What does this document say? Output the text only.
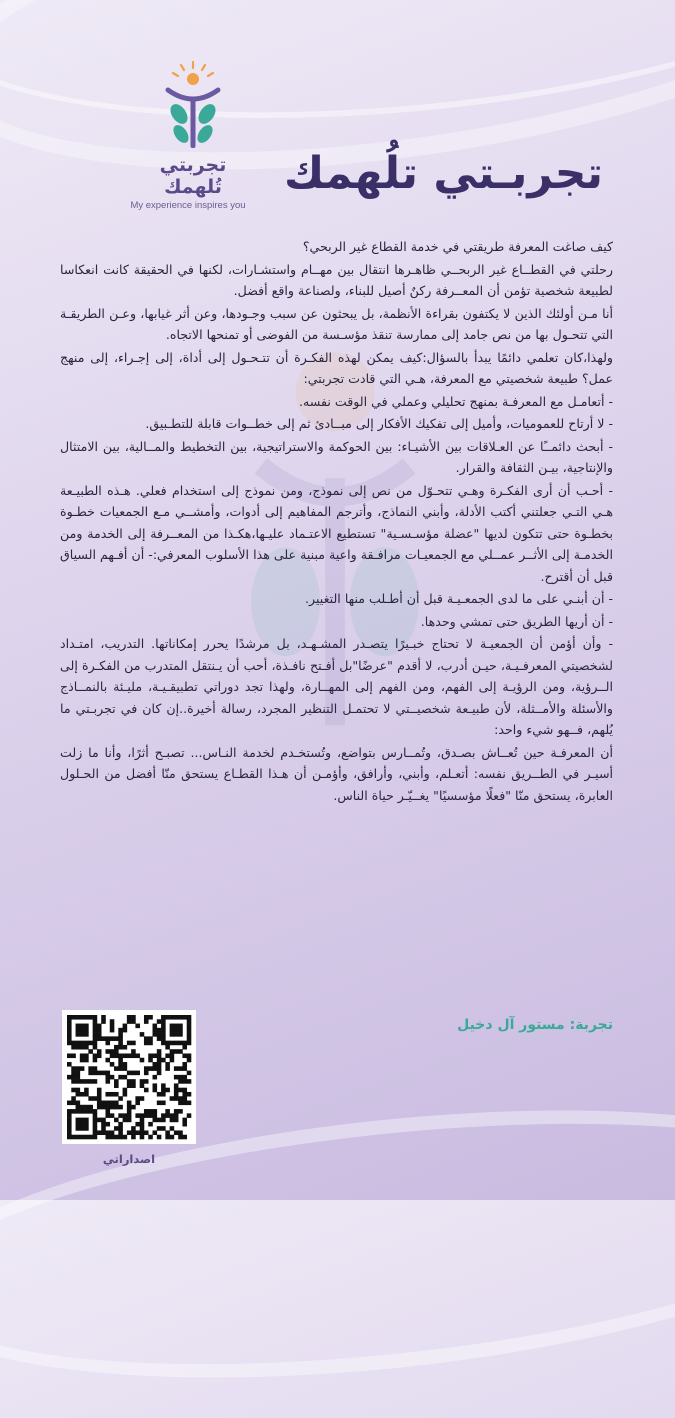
تجربتي تُلهمك
My experience inspires you
تجربـتي تلُهمك

كيف صاغت المعرفة طريقتي في خدمة القطاع غير الربحي؟

رحلتي في القطــاع غير الربحــي ظاهـرها انتقال بين مهــام واستشـارات، لكنها في الحقيقة كانت انعكاسا لطبيعة شخصية تؤمن أن المعــرفة ركنٌ أصيل للبناء، ولصناعة واقع أفضل.

أنا مـن أولئك الذين لا يكتفون بقراءة الأنظمة، بل يبحثون عن سبب وجـودها، وعن أثر غيابها، وعـن الطريقـة التي تتحـول بها من نص جامد إلى ممارسة تنقذ مؤسـسة من الفوضى أو تمنحها الاتجاه.

ولهذا،كان تعلمي دائمًا يبدأ بالسؤال:كيف يمكن لهذه الفكـرة أن تتـحـول إلى أداة، إلى إجـراء، إلى منهج عمل؟ طبيعة شخصيتي مع المعرفة، هـي التي قادت تجربتي:

- أتعامـل مع المعرفـة بمنهج تحليلي وعملي في الوقت نفسه.

- لا أرتاح للعموميات، وأميل إلى تفكيك الأفكار إلى مبــادئ ثم إلى خطــوات قابلة للتطـبيق.

- أبحث دائمــًا عن العـلاقات بين الأشيـاء: بين الحوكمة والاستراتيجية، بين التخطيط والمــالية، بين الامتثال والإنتاجية، بيـن الثقافة والقرار.

- أحـب أن أرى الفكـرة وهـي تتحـوّل من نص إلى نموذج، ومن نموذج إلى استخدام فعلي. هـذه الطبيـعة هـي التـي جعلتني أكتب الأدلة، وأبني النماذج، وأترجم المفاهيم إلى أدوات، وأمشــي مـع الجمعيات خطـوة بخطـوة حتى تتكون لديها "عضلة مؤسـسـية" تستطيع الاعتـماد عليـها،هكـذا من المعــرفة إلى الخدمة ومن الخدمـة إلى الأثــر عمــلي مع الجمعيـات مرافـقة واعية مبنية على هذا الأسلوب المعرفي:- أن أفـهم السياق قبل أن أقترح.

- أن أبنـي على ما لدى الجمعـيـة قبل أن أطـلب منها التغيير.

- أن أريها الطريق حتى تمشي وحدها.

- وأن أؤمن أن الجمعيـة لا تحتاج خبـيرًا يتصـدر المشـهـد، بل مرشدًا يحرر إمكاناتها. التدريب، امتـداد لشخصيتي المعرفـيـة، حيـن أدرب، لا أقدم "عرضًا"بل أفـتح نافـذة، أحب أن يـنتقل المتدرب من الفكـرة إلى الــرؤية، ومن الرؤيـة إلى الفهم، ومن الفهم إلى المهــارة، ولهذا تجد دوراتي تطبيقـيـة، مليـئة بالنمــاذج والأسئلة والأمــثلة، لأن طبيـعة شخصيــتي لا تحتمـل التنظير المجرد، رسالة أخيرة..إن كان في تجربـتي ما يُلهم، فــهو شيء واحد:

أن المعرفـة حين تُعــاش بصـدق، وتُمــارس بتواضع، وتُستخـدم لخدمة النـاس... تصبـح أثرًا، وأنا ما زلت أسيـر في الطــريق نفسه: أتعـلم، وأبني، وأرافق، وأؤمـن أن هـذا القطـاع يستحق منّا أفضل من الحـلول العابرة، يستحق منّا "فعلًا مؤسسيًا" يغــيّـر حياة الناس.

تجربة: مستور آل دخيل
اصداراتي
